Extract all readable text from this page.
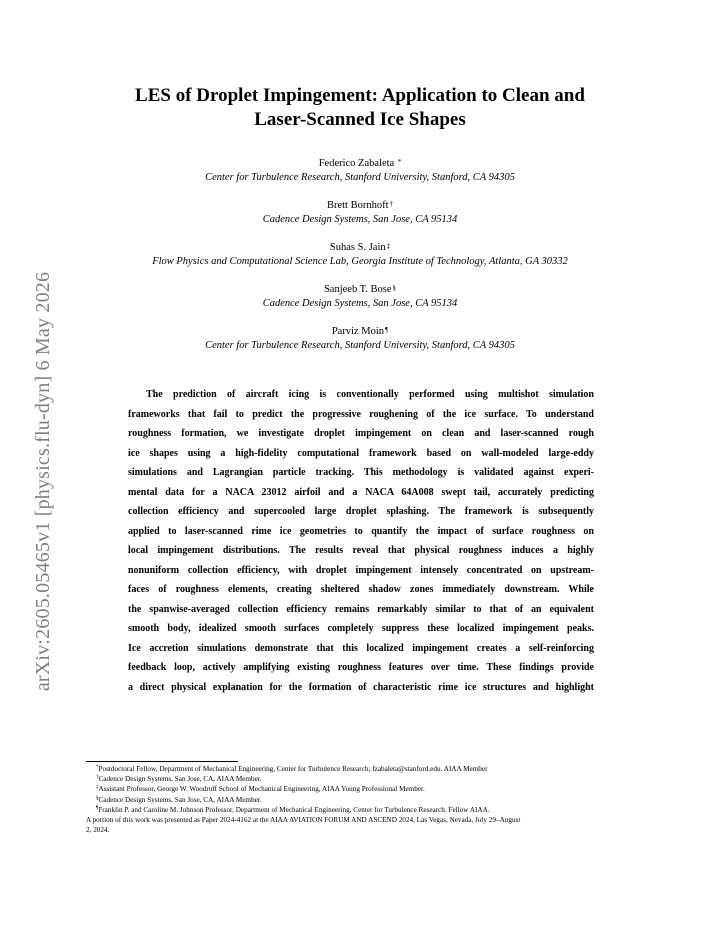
arXiv:2605.05465v1 [physics.flu-dyn] 6 May 2026
LES of Droplet Impingement: Application to Clean and
Laser-Scanned Ice Shapes
Federico Zabaleta *
Center for Turbulence Research, Stanford University, Stanford, CA 94305
Brett Bornhoft†
Cadence Design Systems, San Jose, CA 95134
Suhas S. Jain‡
Flow Physics and Computational Science Lab, Georgia Institute of Technology, Atlanta, GA 30332
Sanjeeb T. Bose§
Cadence Design Systems, San Jose, CA 95134
Parviz Moin¶
Center for Turbulence Research, Stanford University, Stanford, CA 94305
The prediction of aircraft icing is conventionally performed using multishot simulation
frameworks that fail to predict the progressive roughening of the ice surface. To understand
roughness formation, we investigate droplet impingement on clean and laser-scanned rough
ice shapes using a high-fidelity computational framework based on wall-modeled large-eddy
simulations and Lagrangian particle tracking. This methodology is validated against experi-
mental data for a NACA 23012 airfoil and a NACA 64A008 swept tail, accurately predicting
collection efficiency and supercooled large droplet splashing. The framework is subsequently
applied to laser-scanned rime ice geometries to quantify the impact of surface roughness on
local impingement distributions. The results reveal that physical roughness induces a highly
nonuniform collection efficiency, with droplet impingement intensely concentrated on upstream-
faces of roughness elements, creating sheltered shadow zones immediately downstream. While
the spanwise-averaged collection efficiency remains remarkably similar to that of an equivalent
smooth body, idealized smooth surfaces completely suppress these localized impingement peaks.
Ice accretion simulations demonstrate that this localized impingement creates a self-reinforcing
feedback loop, actively amplifying existing roughness features over time. These findings provide
a direct physical explanation for the formation of characteristic rime ice structures and highlight
*Postdoctoral Fellow, Department of Mechanical Engineering, Center for Turbulence Research; fzabaleta@stanford.edu. AIAA Member
†Cadence Design Systems, San Jose, CA, AIAA Member.
‡Assistant Professor, George W. Woodruff School of Mechanical Engineering, AIAA Young Professional Member.
§Cadence Design Systems, San Jose, CA, AIAA Member.
¶Franklin P. and Caroline M. Johnson Professor, Department of Mechanical Engineering, Center for Turbulence Research. Fellow AIAA.
A portion of this work was presented as Paper 2024-4162 at the AIAA AVIATION FORUM AND ASCEND 2024, Las Vegas, Nevada, July 29–August
2, 2024.
